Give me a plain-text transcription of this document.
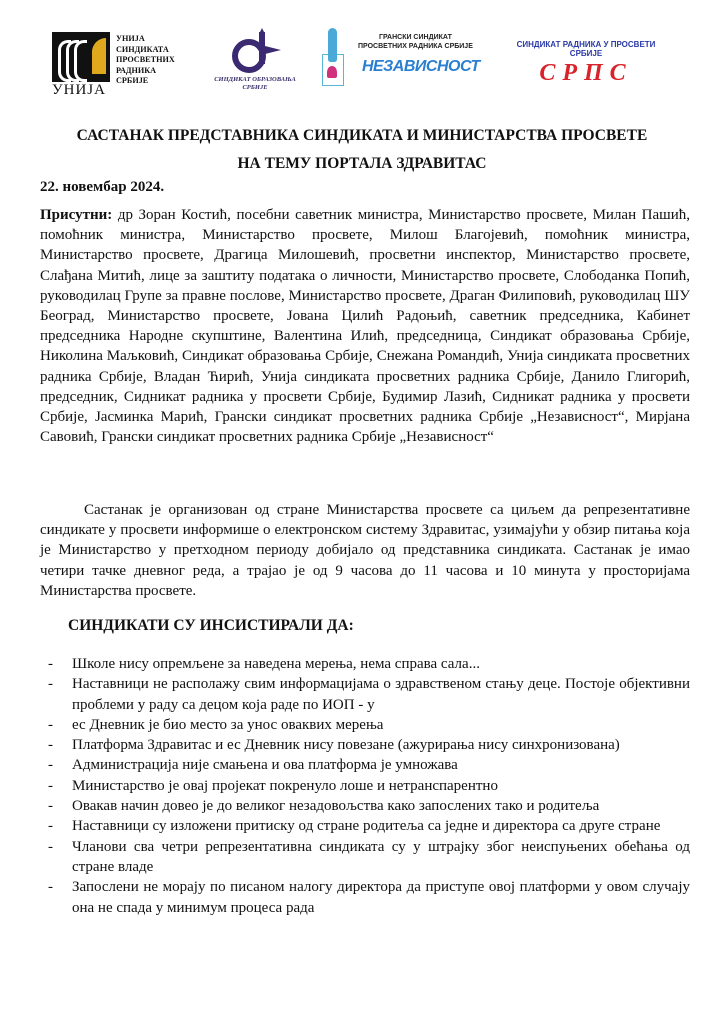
УНИЈА
УНИЈА
СИНДИКАТА
ПРОСВЕТНИХ
РАДНИКА
СРБИЈЕ	СИНДИКАТ ОБРАЗОВАЊА
СРБИЈЕ
ГРАНСКИ СИНДИКАТ
ПРОСВЕТНИХ РАДНИКА СРБИЈЕ
НЕЗАВИСНОСТ
СИНДИКАТ РАДНИКА У ПРОСВЕТИ
СРБИЈЕ
СРПС
САСТАНАК ПРЕДСТАВНИКА СИНДИКАТА И МИНИСТАРСТВА ПРОСВЕТЕ
НА ТЕМУ ПОРТАЛА ЗДРАВИТАС
22. новембар 2024.
Присутни: др Зоран Костић, посебни саветник министра, Министарство просвете, Милан Пашић, помоћник министра, Министарство просвете, Милош Благојевић, помоћник министра, Министарство просвете, Драгица Милошевић, просветни инспектор, Министарство просвете, Слађана Митић, лице за заштиту података о личности, Министарство просвете, Слободанка Попић, руководилац Групе за правне послове, Министарство просвете, Драган Филиповић, руководилац ШУ Београд, Министарство просвете, Јована Цилић Радоњић, саветник председника, Кабинет председника Народне скупштине, Валентина Илић, председница, Синдикат образовања Србије, Николина Маљковић, Синдикат образовања Србије, Снежана Романдић, Унија синдиката просветних радника Србије, Владан Ћирић, Унија синдиката просветних радника Србије, Данило Глигорић, председник, Сидникат радника у просвети Србије, Будимир Лазић, Сидникат радника у просвети Србије, Јасминка Марић, Грански синдикат просветних радника Србије „Независност“, Мирјана Савовић, Грански синдикат просветних радника Србије „Независност“
Састанак је организован од стране Министарства просвете са циљем да репрезентативне синдикате у просвети информише о електронском систему Здравитас, узимајући у обзир питања која је Министарство у претходном периоду добијало од представника синдиката. Састанак је имао четири тачке дневног реда, а трајао је од 9 часова до 11 часова и 10 минута у просторијама Министарства просвете.
СИНДИКАТИ СУ ИНСИСТИРАЛИ ДА:
- Школе нису опремљене за наведена мерења, нема справа сала...
- Наставници не располажу свим информацијама о здравственом стању деце. Постоје објективни проблеми у раду са децом која раде по ИОП - у
- ес Дневник је био место за унос оваквих мерења
- Платформа Здравитас и ес Дневник нису повезане (ажурирања нису синхронизована)
- Администрација није смањена и ова платформа је умножава
- Министарство је овај пројекат покренуло лоше и нетранспарентно
- Овакав начин довео је до великог незадовољства како запослених тако и родитеља
- Наставници су изложени притиску од стране родитеља са једне и директора са друге стране
- Чланови сва четри репрезентативна синдиката су у штрајку због неиспуњених обећања од стране владе
- Запослени не морају по писаном налогу директора да приступе овој платформи у овом случају она не спада у минимум процеса рада
